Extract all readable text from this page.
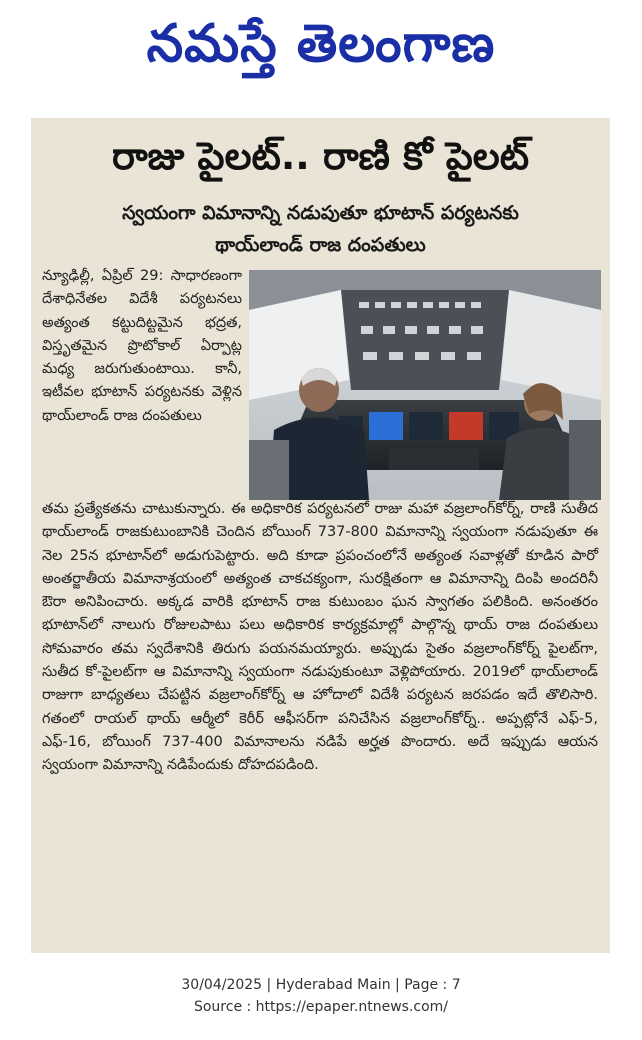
నమస్తే తెలంగాణ
రాజు పైలట్.. రాణి కో పైలట్
స్వయంగా విమానాన్ని నడుపుతూ భూటాన్ పర్యటనకు
థాయ్‌లాండ్ రాజ దంపతులు

న్యూఢిల్లీ, ఏప్రిల్ 29: సాధారణంగా దేశాధినేతల విదేశీ పర్యటనలు అత్యంత కట్టుదిట్టమైన భద్రత, విస్తృతమైన ప్రొటోకాల్ ఏర్పాట్ల మధ్య జరుగుతుంటాయి. కానీ, ఇటీవల భూటాన్ పర్యటనకు వెళ్లిన థాయ్‌లాండ్ రాజ దంపతులు

తమ ప్రత్యేకతను చాటుకున్నారు. ఈ అధికారిక పర్యటనలో రాజు మహా వజ్రలాంగ్‌కోర్న్, రాణి సుతీద థాయ్‌లాండ్ రాజకుటుంబానికి చెందిన బోయింగ్ 737-800 విమానాన్ని స్వయంగా నడుపుతూ ఈ నెల 25న భూటాన్‌లో అడుగుపెట్టారు. అది కూడా ప్రపంచంలోనే అత్యంత సవాళ్లతో కూడిన పారో అంతర్జాతీయ విమానాశ్రయంలో అత్యంత చాకచక్యంగా, సురక్షితంగా ఆ విమానాన్ని దింపి అందరినీ ఔరా అనిపించారు. అక్కడ వారికి భూటాన్ రాజ కుటుంబం ఘన స్వాగతం పలికింది. అనంతరం భూటాన్‌లో నాలుగు రోజులపాటు పలు అధికారిక కార్యక్రమాల్లో పాల్గొన్న థాయ్ రాజ దంపతులు సోమవారం తమ స్వదేశానికి తిరుగు పయనమయ్యారు. అప్పుడు సైతం వజ్రలాంగ్‌కోర్న్ పైలట్‌గా, సుతీద కో-పైలట్‌గా ఆ విమానాన్ని స్వయంగా నడుపుకుంటూ వెళ్లిపోయారు. 2019లో థాయ్‌లాండ్ రాజుగా బాధ్యతలు చేపట్టిన వజ్రలాంగ్‌కోర్న్ ఆ హోదాలో విదేశీ పర్యటన జరపడం ఇదే తొలిసారి. గతంలో రాయల్ థాయ్ ఆర్మీలో కెరీర్ ఆఫీసర్‌గా పనిచేసిన వజ్రలాంగ్‌కోర్న్.. అప్పట్లోనే ఎఫ్-5, ఎఫ్-16, బోయింగ్ 737-400 విమానాలను నడిపే అర్హత పొందారు. అదే ఇప్పుడు ఆయన స్వయంగా విమానాన్ని నడిపేందుకు దోహదపడింది.

30/04/2025 | Hyderabad Main | Page : 7
Source : https://epaper.ntnews.com/
